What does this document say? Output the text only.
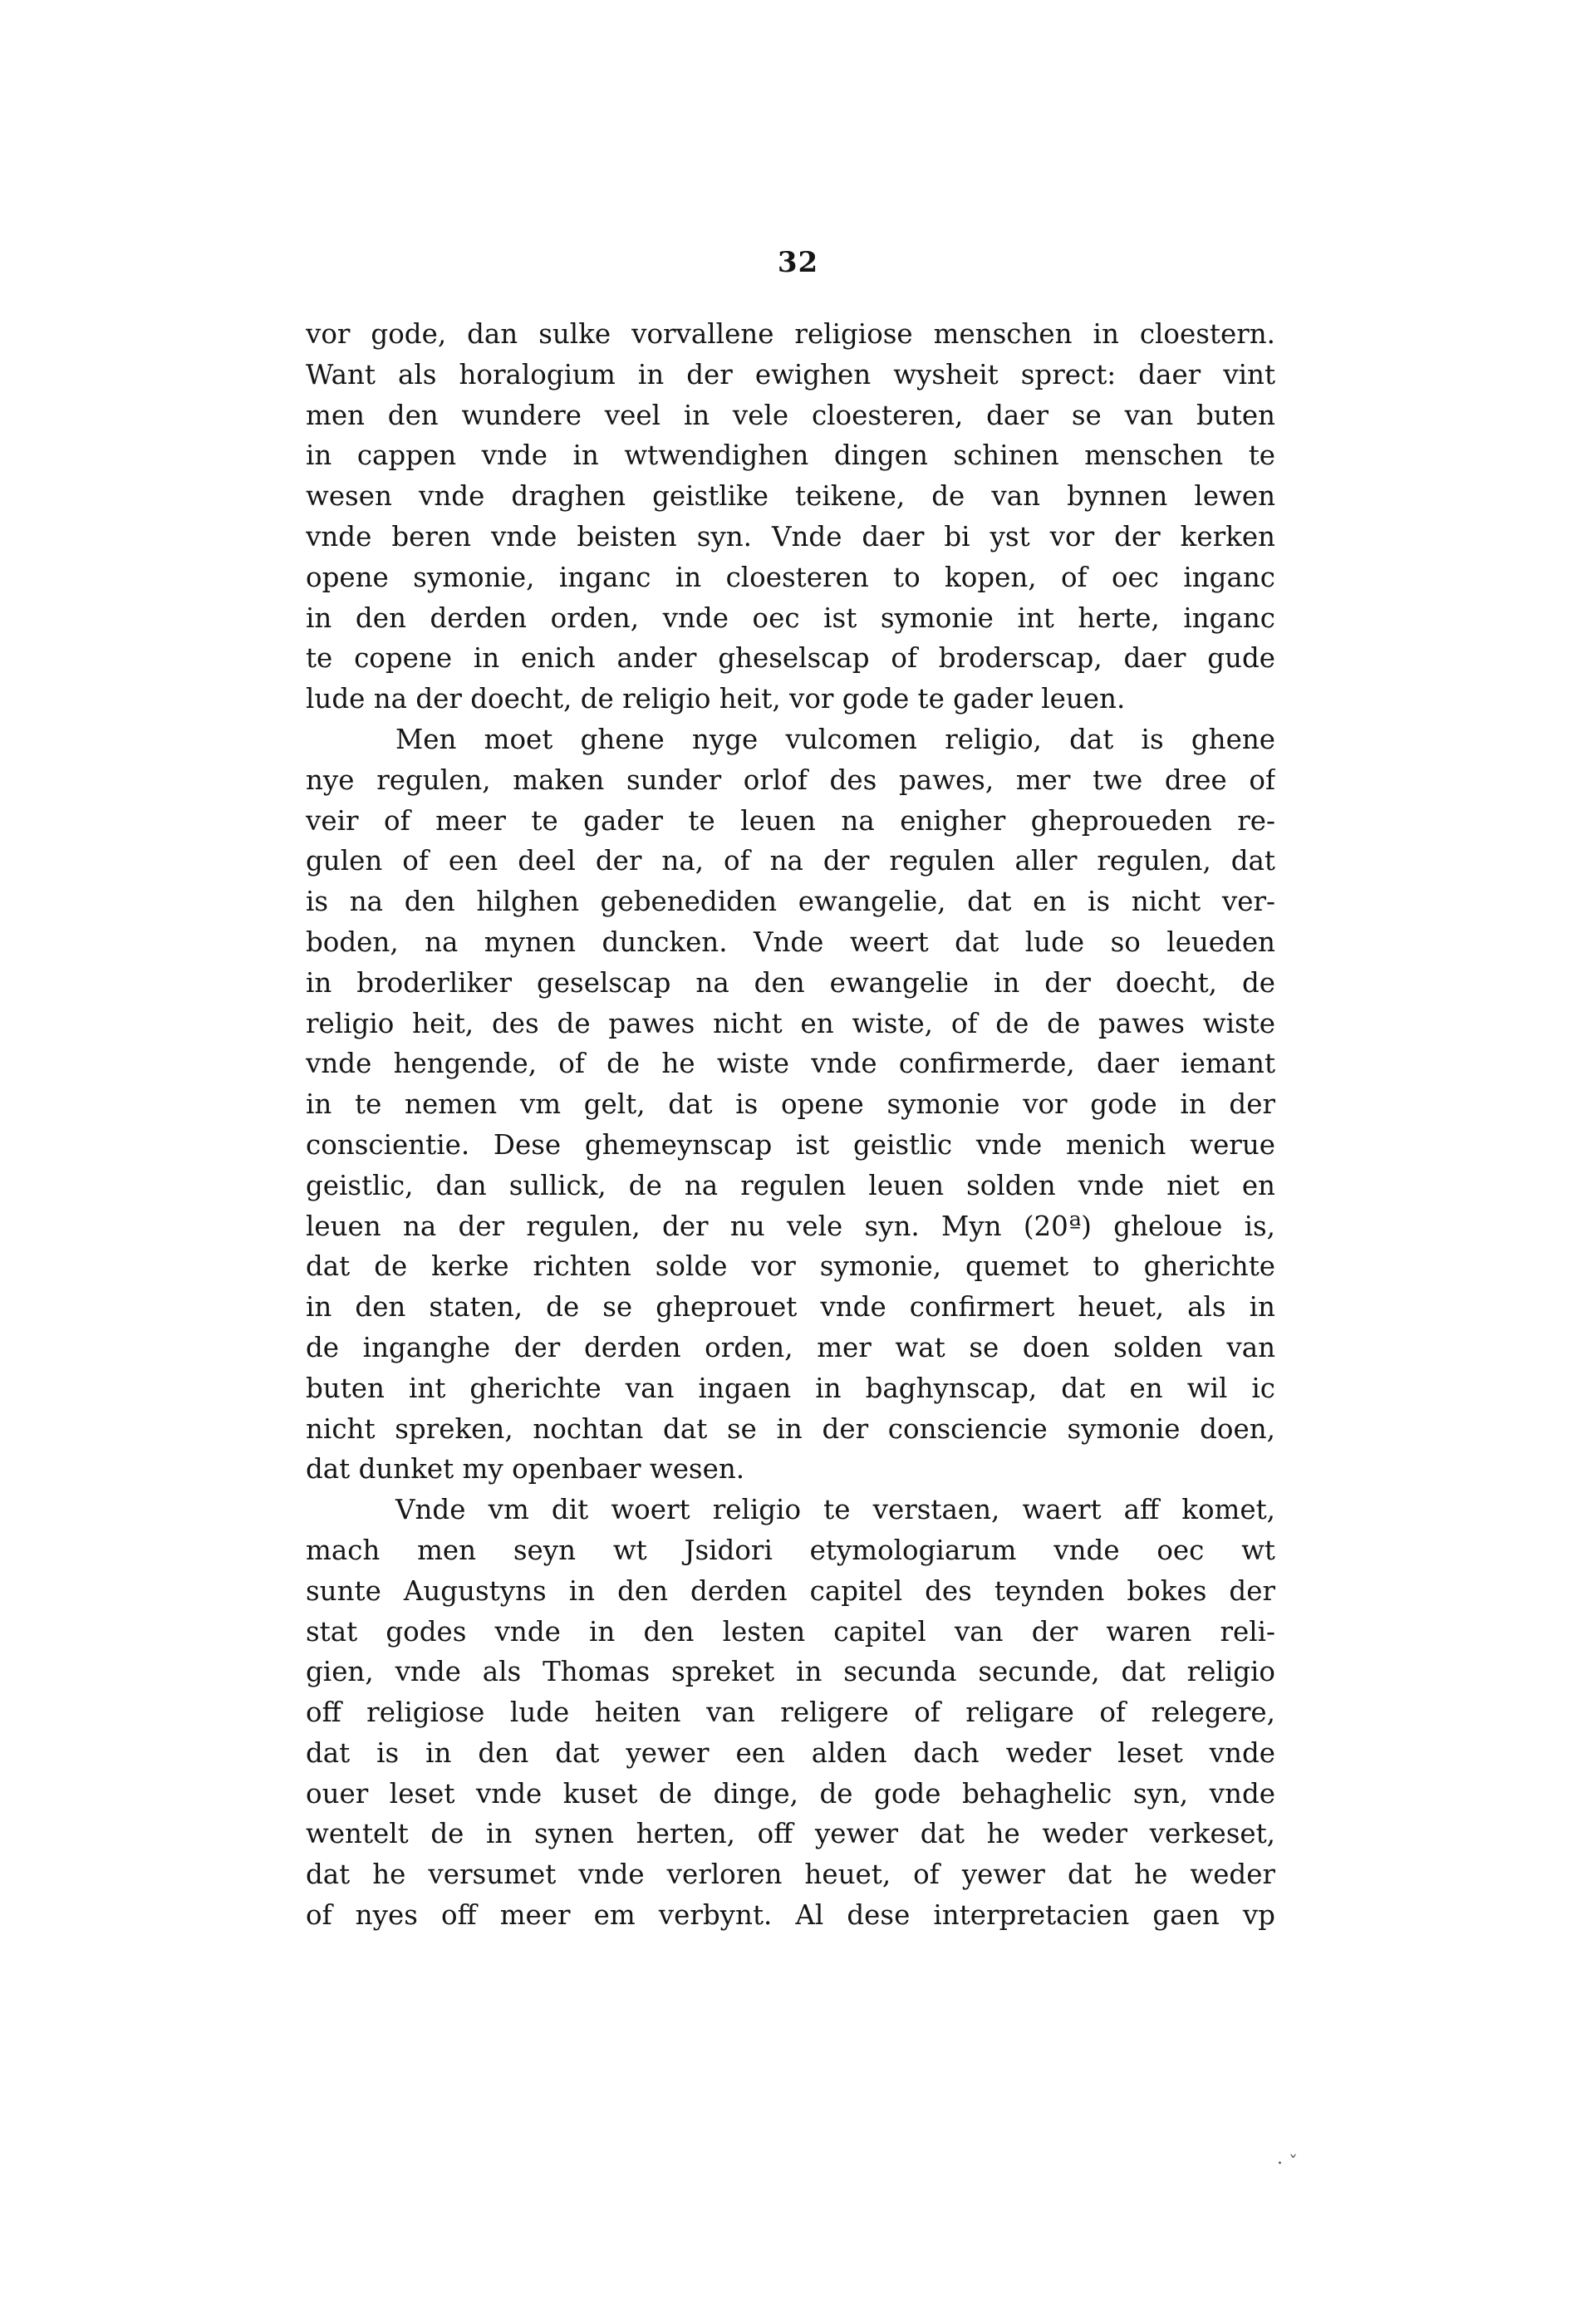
32
vor gode, dan sulke vorvallene religiose menschen in cloestern.
Want als horalogium in der ewighen wysheit sprect: daer vint
men den wundere veel in vele cloesteren, daer se van buten
in cappen vnde in wtwendighen dingen schinen menschen te
wesen vnde draghen geistlike teikene, de van bynnen lewen
vnde beren vnde beisten syn. Vnde daer bi yst vor der kerken
opene symonie, inganc in cloesteren to kopen, of oec inganc
in den derden orden, vnde oec ist symonie int herte, inganc
te copene in enich ander gheselscap of broderscap, daer gude
lude na der doecht, de religio heit, vor gode te gader leuen.
Men moet ghene nyge vulcomen religio, dat is ghene
nye regulen, maken sunder orlof des pawes, mer twe dree of
veir of meer te gader te leuen na enigher gheproueden re-
gulen of een deel der na, of na der regulen aller regulen, dat
is na den hilghen gebenediden ewangelie, dat en is nicht ver-
boden, na mynen duncken. Vnde weert dat lude so leueden
in broderliker geselscap na den ewangelie in der doecht, de
religio heit, des de pawes nicht en wiste, of de de pawes wiste
vnde hengende, of de he wiste vnde confirmerde, daer iemant
in te nemen vm gelt, dat is opene symonie vor gode in der
conscientie. Dese ghemeynscap ist geistlic vnde menich werue
geistlic, dan sullick, de na regulen leuen solden vnde niet en
leuen na der regulen, der nu vele syn. Myn (20ª) gheloue is,
dat de kerke richten solde vor symonie, quemet to gherichte
in den staten, de se gheprouet vnde confirmert heuet, als in
de inganghe der derden orden, mer wat se doen solden van
buten int gherichte van ingaen in baghynscap, dat en wil ic
nicht spreken, nochtan dat se in der consciencie symonie doen,
dat dunket my openbaer wesen.
Vnde vm dit woert religio te verstaen, waert aff komet,
mach men seyn wt Jsidori etymologiarum vnde oec wt
sunte Augustyns in den derden capitel des teynden bokes der
stat godes vnde in den lesten capitel van der waren reli-
gien, vnde als Thomas spreket in secunda secunde, dat religio
off religiose lude heiten van religere of religare of relegere,
dat is in den dat yewer een alden dach weder leset vnde
ouer leset vnde kuset de dinge, de gode behaghelic syn, vnde
wentelt de in synen herten, off yewer dat he weder verkeset,
dat he versumet vnde verloren heuet, of yewer dat he weder
of nyes off meer em verbynt. Al dese interpretacien gaen vp
· ˇ
